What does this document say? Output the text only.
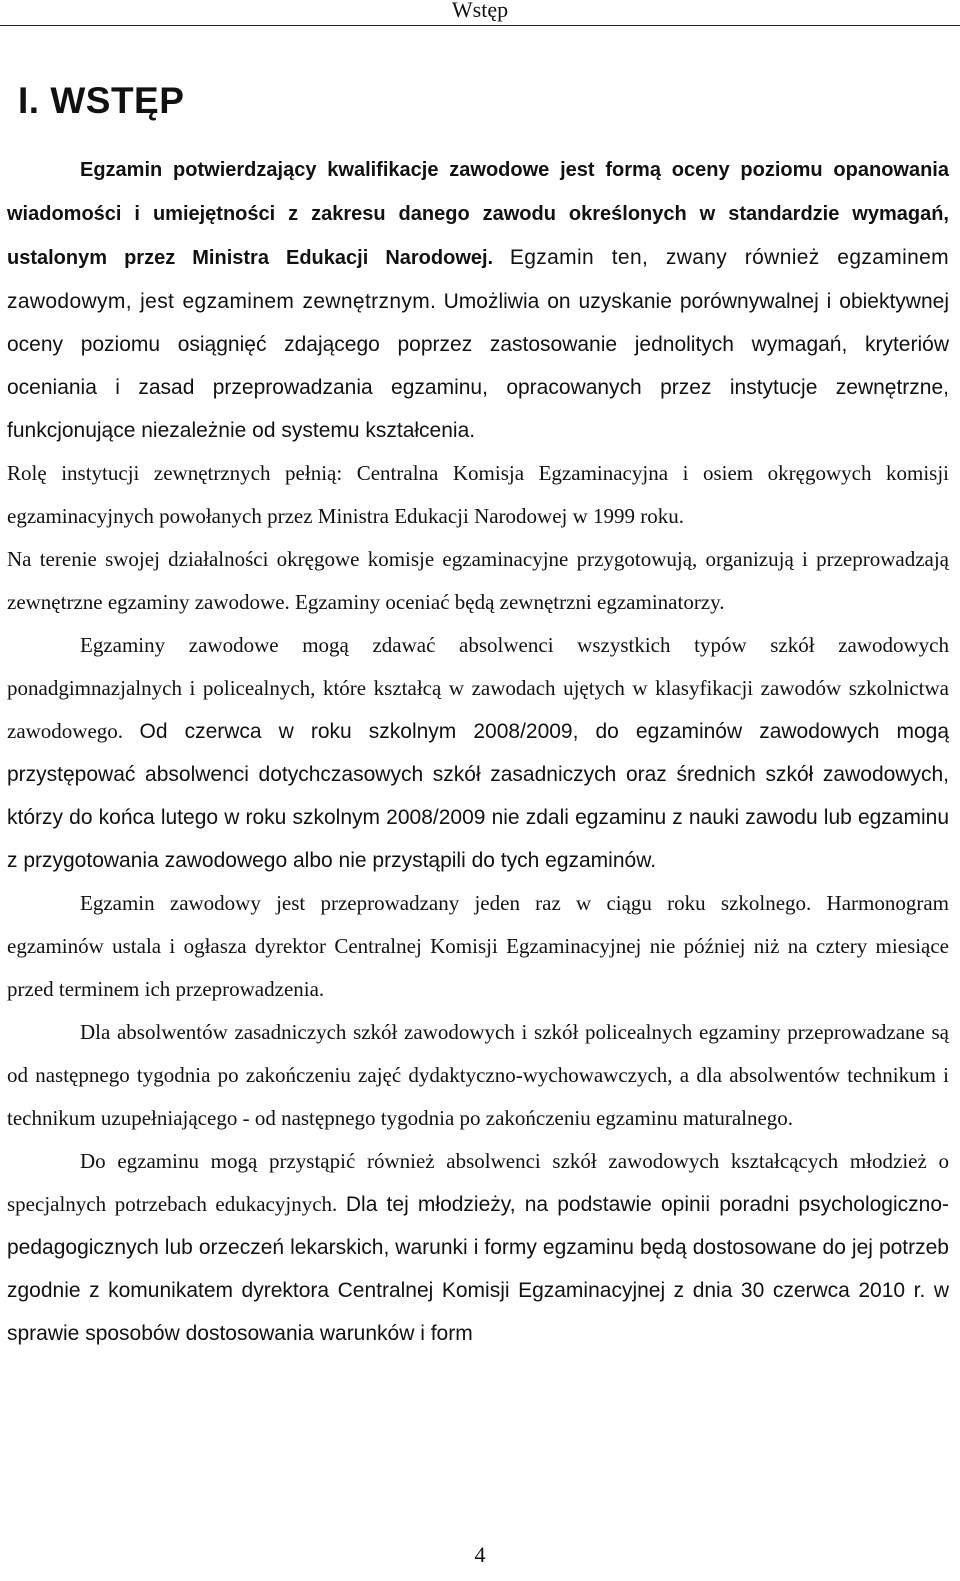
Wstęp
I. WSTĘP

Egzamin potwierdzający kwalifikacje zawodowe jest formą oceny poziomu opanowania wiadomości i umiejętności z zakresu danego zawodu określonych w standardzie wymagań, ustalonym przez Ministra Edukacji Narodowej. Egzamin ten, zwany również egzaminem zawodowym, jest egzaminem zewnętrznym. Umożliwia on uzyskanie porównywalnej i obiektywnej oceny poziomu osiągnięć zdającego poprzez zastosowanie jednolitych wymagań, kryteriów oceniania i zasad przeprowadzania egzaminu, opracowanych przez instytucje zewnętrzne, funkcjonujące niezależnie od systemu kształcenia.

Rolę instytucji zewnętrznych pełnią: Centralna Komisja Egzaminacyjna i osiem okręgowych komisji egzaminacyjnych powołanych przez Ministra Edukacji Narodowej w 1999 roku.

Na terenie swojej działalności okręgowe komisje egzaminacyjne przygotowują, organizują i przeprowadzają zewnętrzne egzaminy zawodowe. Egzaminy oceniać będą zewnętrzni egzaminatorzy.

Egzaminy zawodowe mogą zdawać absolwenci wszystkich typów szkół zawodowych ponadgimnazjalnych i policealnych, które kształcą w zawodach ujętych w klasyfikacji zawodów szkolnictwa zawodowego. Od czerwca w roku szkolnym 2008/2009, do egzaminów zawodowych mogą przystępować absolwenci dotychczasowych szkół zasadniczych oraz średnich szkół zawodowych, którzy do końca lutego w roku szkolnym 2008/2009 nie zdali egzaminu z nauki zawodu lub egzaminu z przygotowania zawodowego albo nie przystąpili do tych egzaminów.

Egzamin zawodowy jest przeprowadzany jeden raz w ciągu roku szkolnego. Harmonogram egzaminów ustala i ogłasza dyrektor Centralnej Komisji Egzaminacyjnej nie później niż na cztery miesiące przed terminem ich przeprowadzenia.

Dla absolwentów zasadniczych szkół zawodowych i szkół policealnych egzaminy przeprowadzane są od następnego tygodnia po zakończeniu zajęć dydaktyczno-wychowawczych, a dla absolwentów technikum i technikum uzupełniającego - od następnego tygodnia po zakończeniu egzaminu maturalnego.

Do egzaminu mogą przystąpić również absolwenci szkół zawodowych kształcących młodzież o specjalnych potrzebach edukacyjnych. Dla tej młodzieży, na podstawie opinii poradni psychologiczno-pedagogicznych lub orzeczeń lekarskich, warunki i formy egzaminu będą dostosowane do jej potrzeb zgodnie z komunikatem dyrektora Centralnej Komisji Egzaminacyjnej z dnia 30 czerwca 2010 r. w sprawie sposobów dostosowania warunków i form

4
